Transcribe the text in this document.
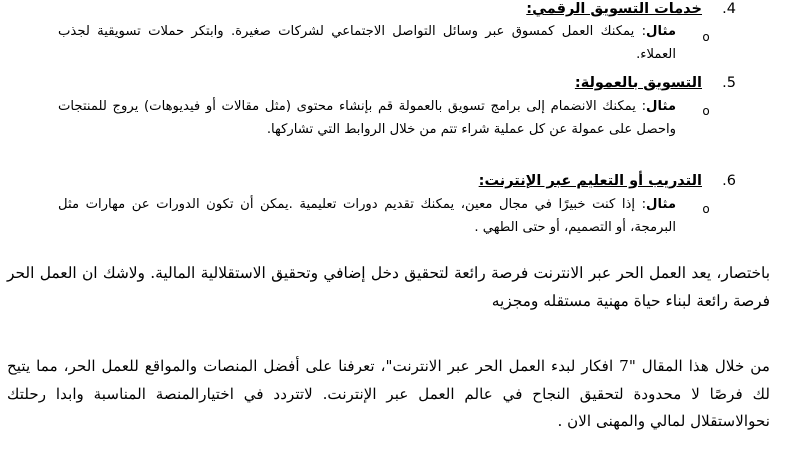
4.خدمات التسويق الرقمي:
o
مثال: يمكنك العمل كمسوق عبر وسائل التواصل الاجتماعي لشركات صغيرة. وابتكر حملات تسويقية لجذب العملاء.
5.التسويق بالعمولة:
o
مثال: يمكنك الانضمام إلى برامج تسويق بالعمولة قم بإنشاء محتوى (مثل مقالات أو فيديوهات) يروج للمنتجات واحصل على عمولة عن كل عملية شراء تتم من خلال الروابط التي تشاركها.
6.التدريب أو التعليم عبر الإنترنت:
o
مثال: إذا كنت خبيرًا في مجال معين، يمكنك تقديم دورات تعليمية .يمكن أن تكون الدورات عن مهارات مثل البرمجة، أو التصميم، أو حتى الطهي .
باختصار، يعد العمل الحر عبر الانترنت فرصة رائعة لتحقيق دخل إضافي وتحقيق الاستقلالية المالية. ولاشك ان العمل الحر فرصة رائعة لبناء حياة مهنية مستقله ومجزيه
من خلال هذا المقال "7 افكار لبدء العمل الحر عبر الانترنت"، تعرفنا على أفضل المنصات والمواقع للعمل الحر، مما يتيح لك فرصًا لا محدودة لتحقيق النجاح في عالم العمل عبر الإنترنت. لاتتردد في اختيارالمنصة المناسبة وابدا رحلتك نحوالاستقلال لمالي والمهنى الان .
